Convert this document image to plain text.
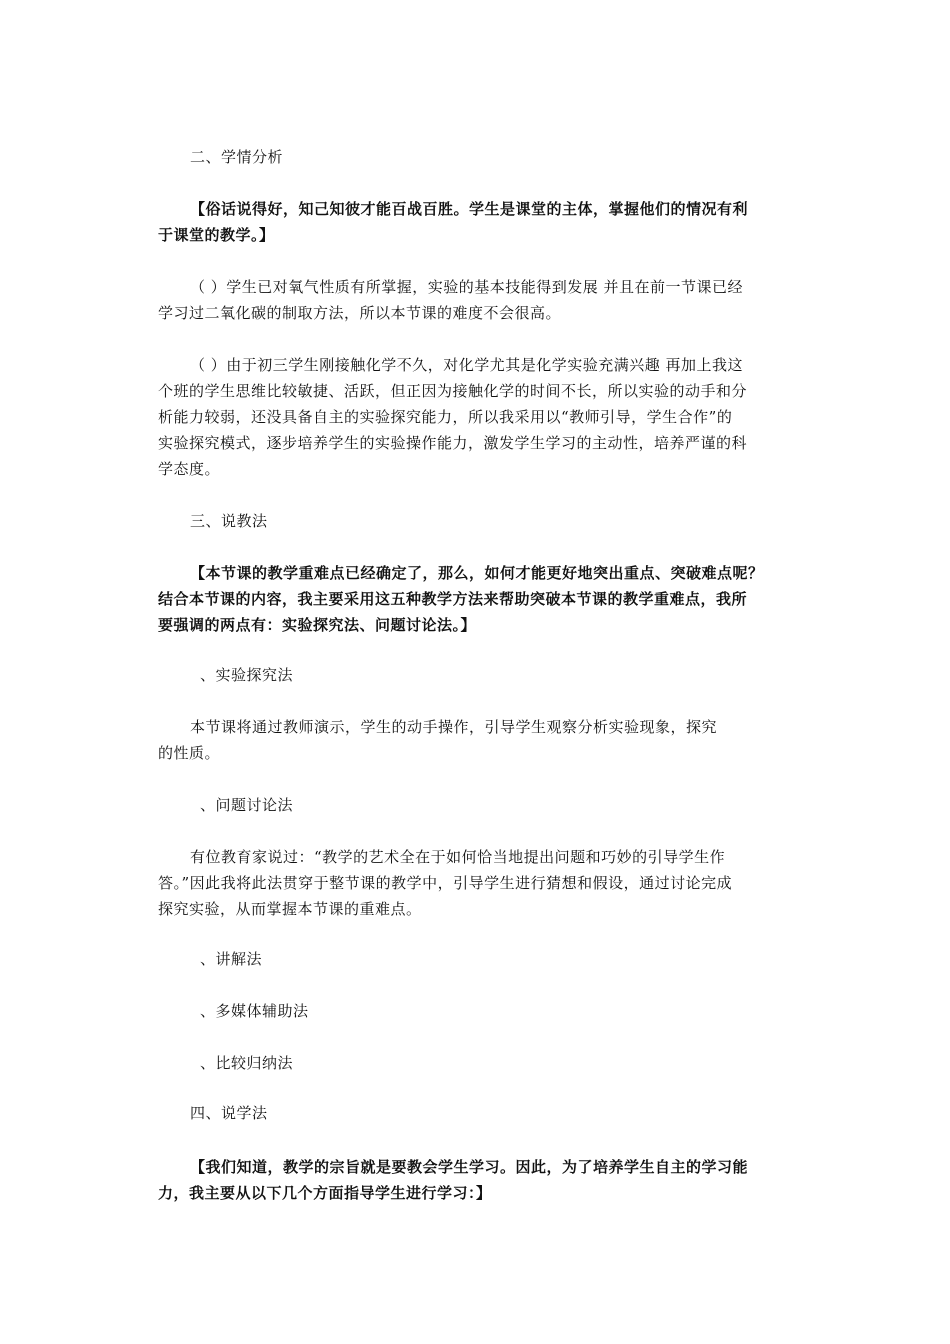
二、学情分析
【俗话说得好，知己知彼才能百战百胜。学生是课堂的主体，掌握他们的情况有利
于课堂的教学。】
（ ）学生已对氧气性质有所掌握，实验的基本技能得到发展 并且在前一节课已经
学习过二氧化碳的制取方法，所以本节课的难度不会很高。
（ ）由于初三学生刚接触化学不久，对化学尤其是化学实验充满兴趣 再加上我这
个班的学生思维比较敏捷、活跃，但正因为接触化学的时间不长，所以实验的动手和分
析能力较弱，还没具备自主的实验探究能力，所以我采用以“教师引导，学生合作”的
实验探究模式，逐步培养学生的实验操作能力，激发学生学习的主动性，培养严谨的科
学态度。
三、说教法
【本节课的教学重难点已经确定了，那么，如何才能更好地突出重点、突破难点呢？
结合本节课的内容，我主要采用这五种教学方法来帮助突破本节课的教学重难点，我所
要强调的两点有：实验探究法、问题讨论法。】
、实验探究法
本节课将通过教师演示，学生的动手操作，引导学生观察分析实验现象，探究
的性质。
、问题讨论法
有位教育家说过：“教学的艺术全在于如何恰当地提出问题和巧妙的引导学生作
答。”因此我将此法贯穿于整节课的教学中，引导学生进行猜想和假设，通过讨论完成
探究实验，从而掌握本节课的重难点。
、讲解法
、多媒体辅助法
、比较归纳法
四、说学法
【我们知道，教学的宗旨就是要教会学生学习。因此，为了培养学生自主的学习能
力，我主要从以下几个方面指导学生进行学习：】
